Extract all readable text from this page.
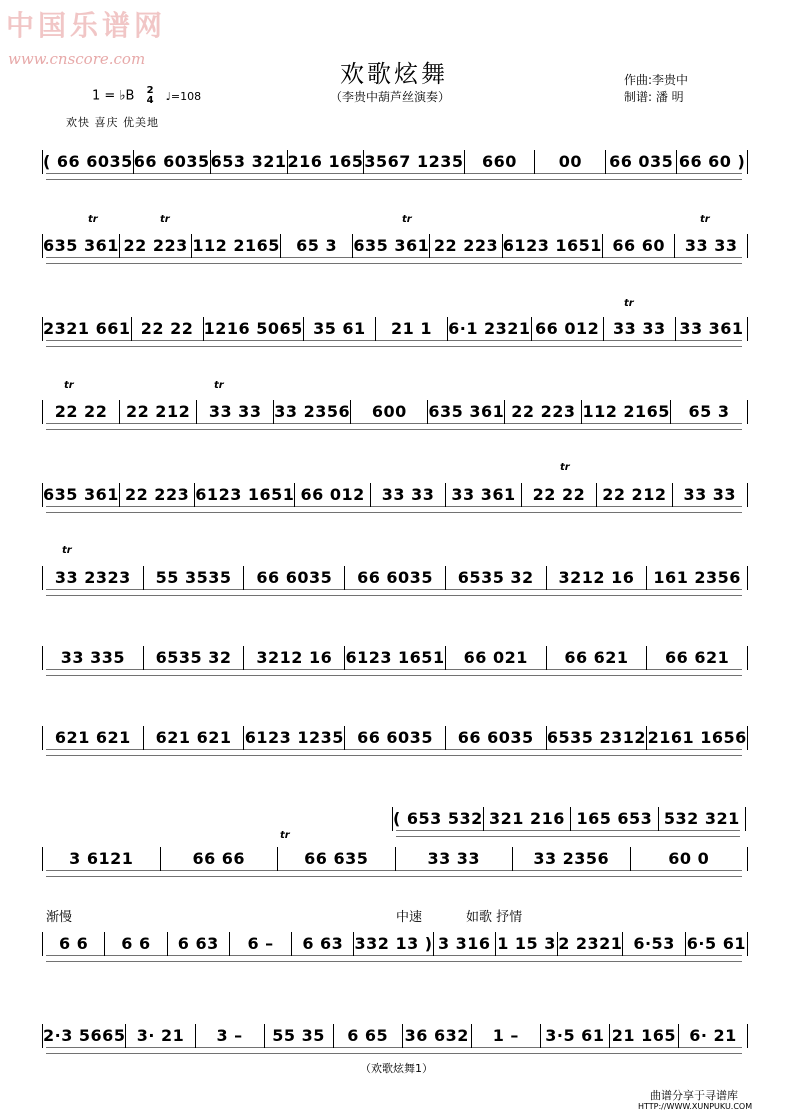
中国乐谱网
www.cnscore.com
欢歌炫舞
（李贵中葫芦丝演奏）
1 = ♭B 2
4 ♩=108
作曲:李贵中
制谱: 潘 明
欢快 喜庆 优美地
渐慢	中速	如歌 抒情
tr	tr	tr	tr
tr
tr	tr
tr
tr
tr
（欢歌炫舞1）
曲谱分享于寻谱库
HTTP://WWW.XUNPUKU.COM
( 66 6035 66 6035 653 321 216 165 3567 1235	660	00	66 035 66 60 )
635 361 22 223 112 2165	65 3	635 361 22 223 6123 1651 66 60	33 33
2321 661 22 22 1216 5065 35 61	21 1	6·1 2321 66 012 33 33 33 361
22 22	22 212	33 33 33 2356	600	635 361 22 223 112 2165	65 3
635 361 22 223 6123 1651 66 012	33 33	33 361	22 22	22 212	33 33
33 2323	55 3535	66 6035	66 6035	6535 32	3212 16	161 2356
33 335	6535 32	3212 16 6123 1651	66 021	66 621	66 621
621 621	621 621 6123 1235 66 6035	66 6035 6535 2312 2161 1656
( 653 532 321 216 165 653 532 321
3 6121	66 66	66 635	33 33	33 2356	60 0
6 6	6 6	6 63	6 –	6 63 332 13 ) 3 316 1 15 3 2 2321 6·53 6·5 61
2·3 5665 3· 21	3 –	55 35	6 65	36 632	1 –	3·5 61 21 165 6· 21
